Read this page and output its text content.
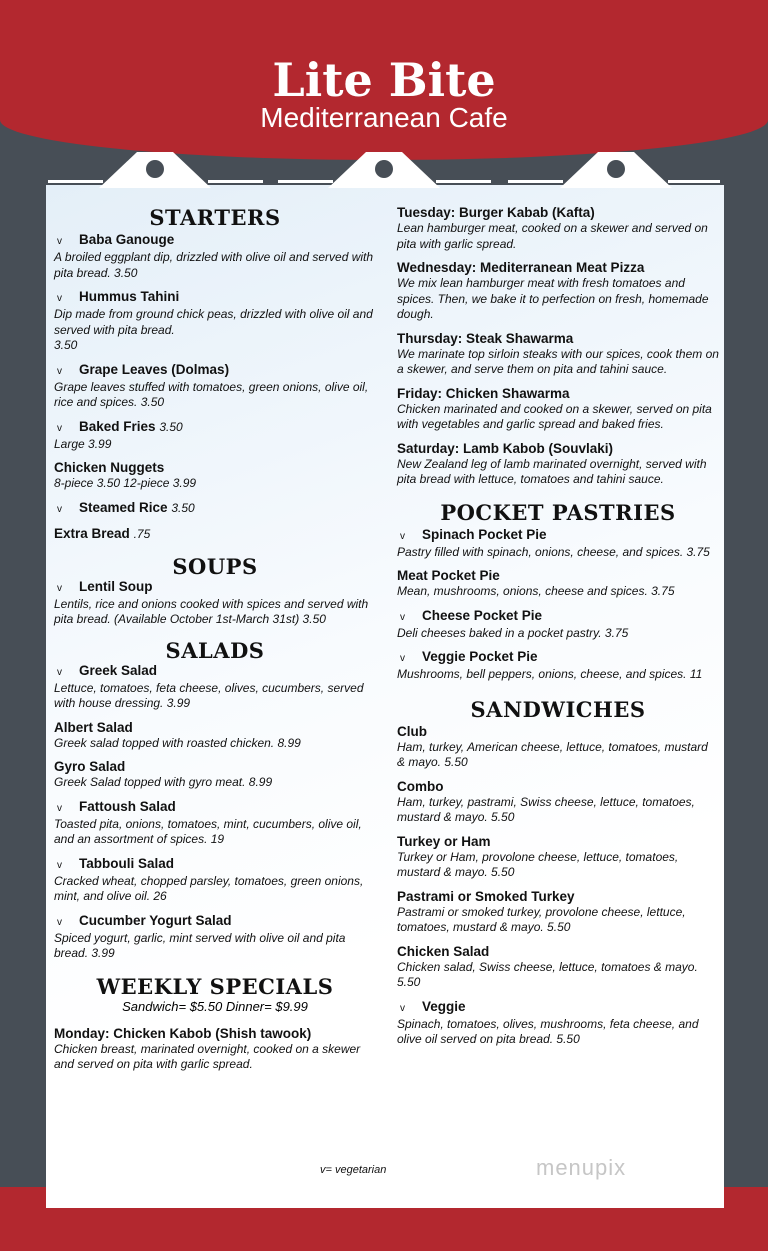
Lite Bite
Mediterranean Cafe
STARTERS
v Baba Ganouge
A broiled eggplant dip, drizzled with olive oil and served with pita bread. 3.50
v Hummus Tahini
Dip made from ground chick peas, drizzled with olive oil and served with pita bread.
3.50
v Grape Leaves (Dolmas)
Grape leaves stuffed with tomatoes, green onions, olive oil, rice and spices. 3.50
v Baked Fries 3.50
Large 3.99
Chicken Nuggets
8-piece 3.50 12-piece 3.99
v Steamed Rice 3.50
Extra Bread .75
SOUPS
v Lentil Soup
Lentils, rice and onions cooked with spices and served with pita bread. (Available October 1st-March 31st) 3.50
SALADS
v Greek Salad
Lettuce, tomatoes, feta cheese, olives, cucumbers, served with house dressing. 3.99
Albert Salad
Greek salad topped with roasted chicken. 8.99
Gyro Salad
Greek Salad topped with gyro meat. 8.99
v Fattoush Salad
Toasted pita, onions, tomatoes, mint, cucumbers, olive oil, and an assortment of spices. 19
v Tabbouli Salad
Cracked wheat, chopped parsley, tomatoes, green onions, mint, and olive oil. 26
v Cucumber Yogurt Salad
Spiced yogurt, garlic, mint served with olive oil and pita bread. 3.99
WEEKLY SPECIALS
Sandwich= $5.50 Dinner= $9.99
Monday: Chicken Kabob (Shish tawook)
Chicken breast, marinated overnight, cooked on a skewer and served on pita with garlic spread.
Tuesday: Burger Kabab (Kafta)
Lean hamburger meat, cooked on a skewer and served on pita with garlic spread.
Wednesday: Mediterranean Meat Pizza
We mix lean hamburger meat with fresh tomatoes and spices. Then, we bake it to perfection on fresh, homemade dough.
Thursday: Steak Shawarma
We marinate top sirloin steaks with our spices, cook them on a skewer, and serve them on pita and tahini sauce.
Friday: Chicken Shawarma
Chicken marinated and cooked on a skewer, served on pita with vegetables and garlic spread and baked fries.
Saturday: Lamb Kabob (Souvlaki)
New Zealand leg of lamb marinated overnight, served with pita bread with lettuce, tomatoes and tahini sauce.
POCKET PASTRIES
v Spinach Pocket Pie
Pastry filled with spinach, onions, cheese, and spices. 3.75
Meat Pocket Pie
Mean, mushrooms, onions, cheese and spices. 3.75
v Cheese Pocket Pie
Deli cheeses baked in a pocket pastry. 3.75
v Veggie Pocket Pie
Mushrooms, bell peppers, onions, cheese, and spices. 11
SANDWICHES
Club
Ham, turkey, American cheese, lettuce, tomatoes, mustard & mayo. 5.50
Combo
Ham, turkey, pastrami, Swiss cheese, lettuce, tomatoes, mustard & mayo. 5.50
Turkey or Ham
Turkey or Ham, provolone cheese, lettuce, tomatoes, mustard & mayo. 5.50
Pastrami or Smoked Turkey
Pastrami or smoked turkey, provolone cheese, lettuce, tomatoes, mustard & mayo. 5.50
Chicken Salad
Chicken salad, Swiss cheese, lettuce, tomatoes & mayo. 5.50
v Veggie
Spinach, tomatoes, olives, mushrooms, feta cheese, and olive oil served on pita bread. 5.50
v= vegetarian	menupix
